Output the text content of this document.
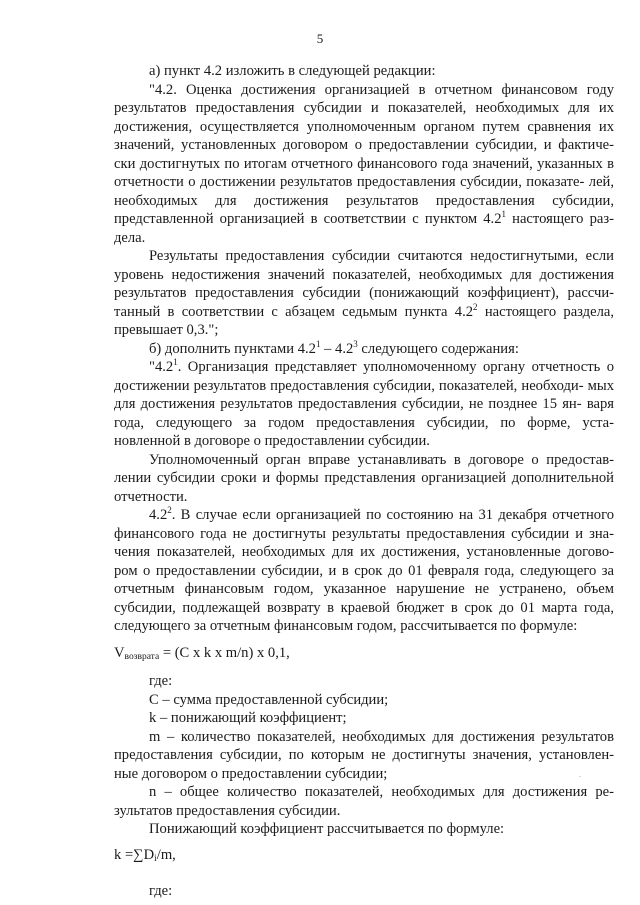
5

а) пункт 4.2 изложить в следующей редакции:

"4.2. Оценка достижения организацией в отчетном финансовом году результатов предоставления субсидии и показателей, необходимых для их достижения, осуществляется уполномоченным органом путем сравнения их значений, установленных договором о предоставлении субсидии, и фактиче- ски достигнутых по итогам отчетного финансового года значений, указанных в отчетности о достижении результатов предоставления субсидии, показате- лей, необходимых для достижения результатов предоставления субсидии, представленной организацией в соответствии с пунктом $4.2^1$ настоящего раз- дела.

Результаты предоставления субсидии считаются недостигнутыми, если уровень недостижения значений показателей, необходимых для достижения результатов предоставления субсидии (понижающий коэффициент), рассчи- танный в соответствии с абзацем седьмым пункта $4.2^2$ настоящего раздела, превышает 0,3.";

б) дополнить пунктами $4.2^1 - 4.2^3$ следующего содержания:

"$4.2^1$. Организация представляет уполномоченному органу отчетность о достижении результатов предоставления субсидии, показателей, необходи- мых для достижения результатов предоставления субсидии, не позднее 15 ян- варя года, следующего за годом предоставления субсидии, по форме, уста- новленной в договоре о предоставлении субсидии.

Уполномоченный орган вправе устанавливать в договоре о предостав- лении субсидии сроки и формы представления организацией дополнительной отчетности.

$4.2^2$. В случае если организацией по состоянию на 31 декабря отчетного финансового года не достигнуты результаты предоставления субсидии и зна- чения показателей, необходимых для их достижения, установленные догово- ром о предоставлении субсидии, и в срок до 01 февраля года, следующего за отчетным финансовым годом, указанное нарушение не устранено, объем субсидии, подлежащей возврату в краевой бюджет в срок до 01 марта года, следующего за отчетным финансовым годом, рассчитывается по формуле:

$V_{возврата} = (С$ x k x m/n) x 0,1,

где:

С – сумма предоставленной субсидии;

k – понижающий коэффициент;

m – количество показателей, необходимых для достижения результатов предоставления субсидии, по которым не достигнуты значения, установлен- ные договором о предоставлении субсидии;

n – общее количество показателей, необходимых для достижения ре- зультатов предоставления субсидии.

Понижающий коэффициент рассчитывается по формуле:

$k =\sum D_i/m$,

где:

.
